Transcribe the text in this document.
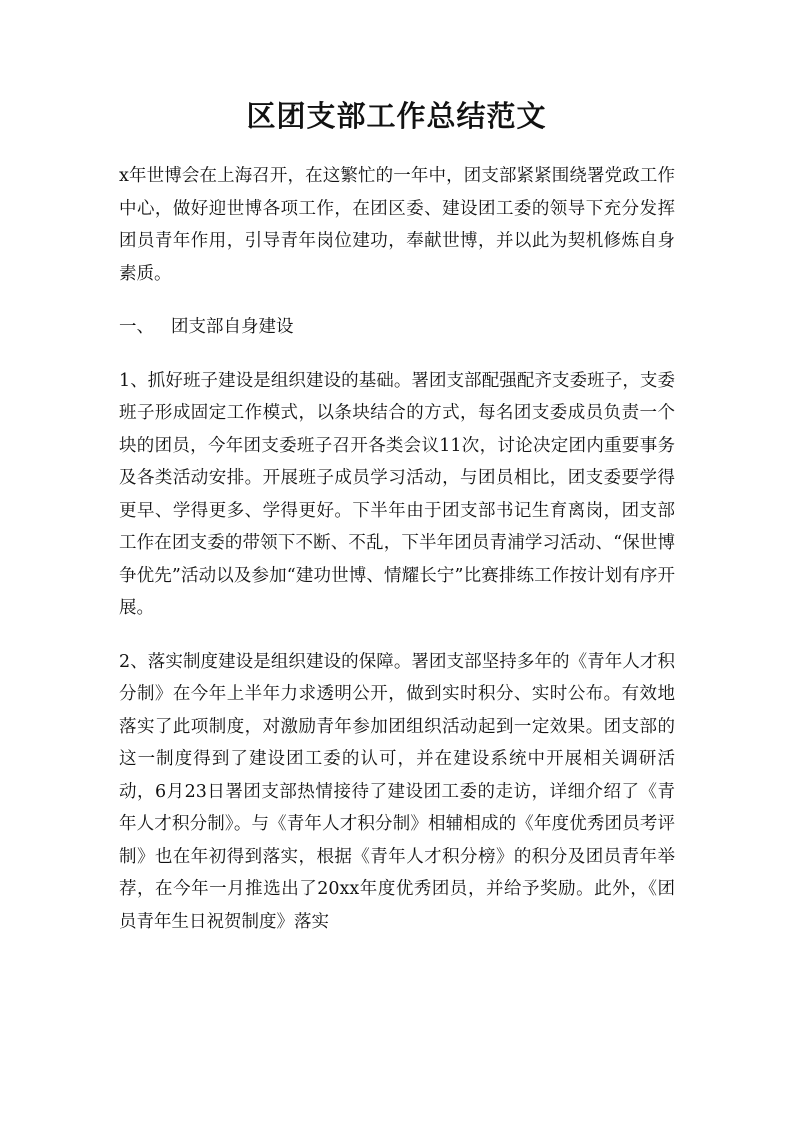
区团支部工作总结范文

x年世博会在上海召开，在这繁忙的一年中，团支部紧紧围绕署党政工作中心，做好迎世博各项工作，在团区委、建设团工委的领导下充分发挥团员青年作用，引导青年岗位建功，奉献世博，并以此为契机修炼自身素质。

一、 团支部自身建设

1、抓好班子建设是组织建设的基础。署团支部配强配齐支委班子，支委班子形成固定工作模式，以条块结合的方式，每名团支委成员负责一个块的团员，今年团支委班子召开各类会议11次，讨论决定团内重要事务及各类活动安排。开展班子成员学习活动，与团员相比，团支委要学得更早、学得更多、学得更好。下半年由于团支部书记生育离岗，团支部工作在团支委的带领下不断、不乱，下半年团员青浦学习活动、“保世博争优先”活动以及参加“建功世博、情耀长宁”比赛排练工作按计划有序开展。

2、落实制度建设是组织建设的保障。署团支部坚持多年的《青年人才积分制》在今年上半年力求透明公开，做到实时积分、实时公布。有效地落实了此项制度，对激励青年参加团组织活动起到一定效果。团支部的这一制度得到了建设团工委的认可，并在建设系统中开展相关调研活动，6月23日署团支部热情接待了建设团工委的走访，详细介绍了《青年人才积分制》。与《青年人才积分制》相辅相成的《年度优秀团员考评制》也在年初得到落实，根据《青年人才积分榜》的积分及团员青年举荐，在今年一月推选出了20xx年度优秀团员，并给予奖励。此外，《团员青年生日祝贺制度》落实
